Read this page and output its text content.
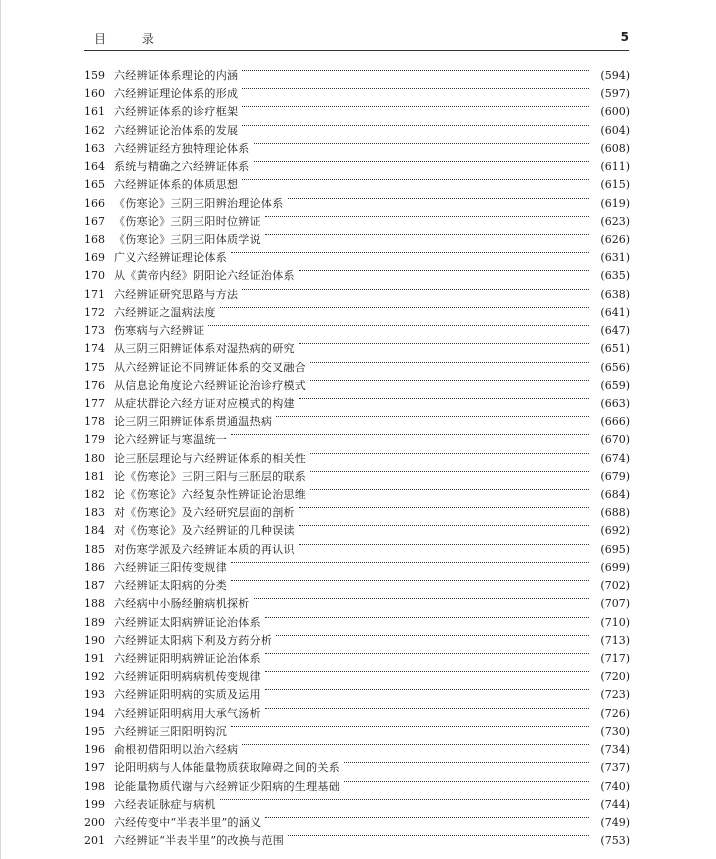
目 录	5
159 六经辨证体系理论的内涵	(594)
160 六经辨证理论体系的形成	(597)
161 六经辨证体系的诊疗框架	(600)
162 六经辨证论治体系的发展	(604)
163 六经辨证经方独特理论体系	(608)
164 系统与精确之六经辨证体系	(611)
165 六经辨证体系的体质思想	(615)
166 《伤寒论》三阴三阳辨治理论体系	(619)
167 《伤寒论》三阴三阳时位辨证	(623)
168 《伤寒论》三阴三阳体质学说	(626)
169 广义六经辨证理论体系	(631)
170 从《黄帝内经》阴阳论六经证治体系	(635)
171 六经辨证研究思路与方法	(638)
172 六经辨证之温病法度	(641)
173 伤寒病与六经辨证	(647)
174 从三阴三阳辨证体系对湿热病的研究	(651)
175 从六经辨证论不同辨证体系的交叉融合	(656)
176 从信息论角度论六经辨证论治诊疗模式	(659)
177 从症状群论六经方证对应模式的构建	(663)
178 论三阴三阳辨证体系贯通温热病	(666)
179 论六经辨证与寒温统一	(670)
180 论三胚层理论与六经辨证体系的相关性	(674)
181 论《伤寒论》三阴三阳与三胚层的联系	(679)
182 论《伤寒论》六经复杂性辨证论治思维	(684)
183 对《伤寒论》及六经研究层面的剖析	(688)
184 对《伤寒论》及六经辨证的几种误读	(692)
185 对伤寒学派及六经辨证本质的再认识	(695)
186 六经辨证三阳传变规律	(699)
187 六经辨证太阳病的分类	(702)
188 六经病中小肠经腑病机探析	(707)
189 六经辨证太阳病辨证论治体系	(710)
190 六经辨证太阳病下利及方药分析	(713)
191 六经辨证阳明病辨证论治体系	(717)
192 六经辨证阳明病病机传变规律	(720)
193 六经辨证阳明病的实质及运用	(723)
194 六经辨证阳明病用大承气汤析	(726)
195 六经辨证三阳阳明钩沉	(730)
196 俞根初借阳明以治六经病	(734)
197 论阳明病与人体能量物质获取障碍之间的关系	(737)
198 论能量物质代谢与六经辨证少阳病的生理基础	(740)
199 六经表证脉症与病机	(744)
200 六经传变中“半表半里”的涵义	(749)
201 六经辨证“半表半里”的改换与范围	(753)
